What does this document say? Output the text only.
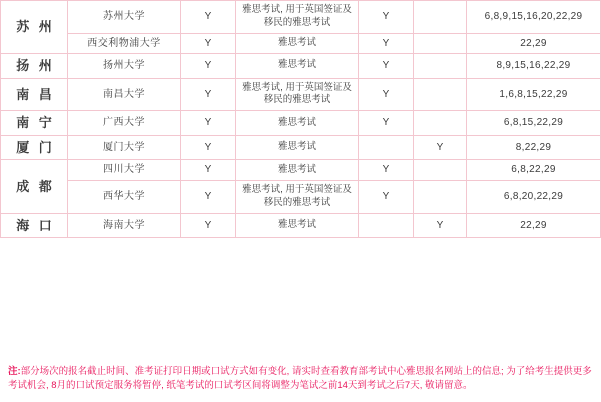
苏 州	苏州大学	Y	雅思考试, 用于英国签证及移民的雅思考试	Y		6,8,9,15,16,20,22,29
	西交利物浦大学	Y	雅思考试	Y		22,29
扬 州	扬州大学	Y	雅思考试	Y		8,9,15,16,22,29
南 昌	南昌大学	Y	雅思考试, 用于英国签证及移民的雅思考试	Y		1,6,8,15,22,29
南 宁	广西大学	Y	雅思考试	Y		6,8,15,22,29
厦 门	厦门大学	Y	雅思考试		Y	8,22,29
成 都	四川大学	Y	雅思考试	Y		6,8,22,29
	西华大学	Y	雅思考试, 用于英国签证及移民的雅思考试	Y		6,8,20,22,29
海 口	海南大学	Y	雅思考试		Y	22,29
注:部分场次的报名截止时间、准考证打印日期或口试方式如有变化, 请实时查看教育部考试中心雅思报名网站上的信息; 为了给考生提供更多考试机会, 8月的口试预定服务将暂停, 纸笔考试的口试考区间将调整为笔试之前14天到考试之后7天, 敬请留意。
